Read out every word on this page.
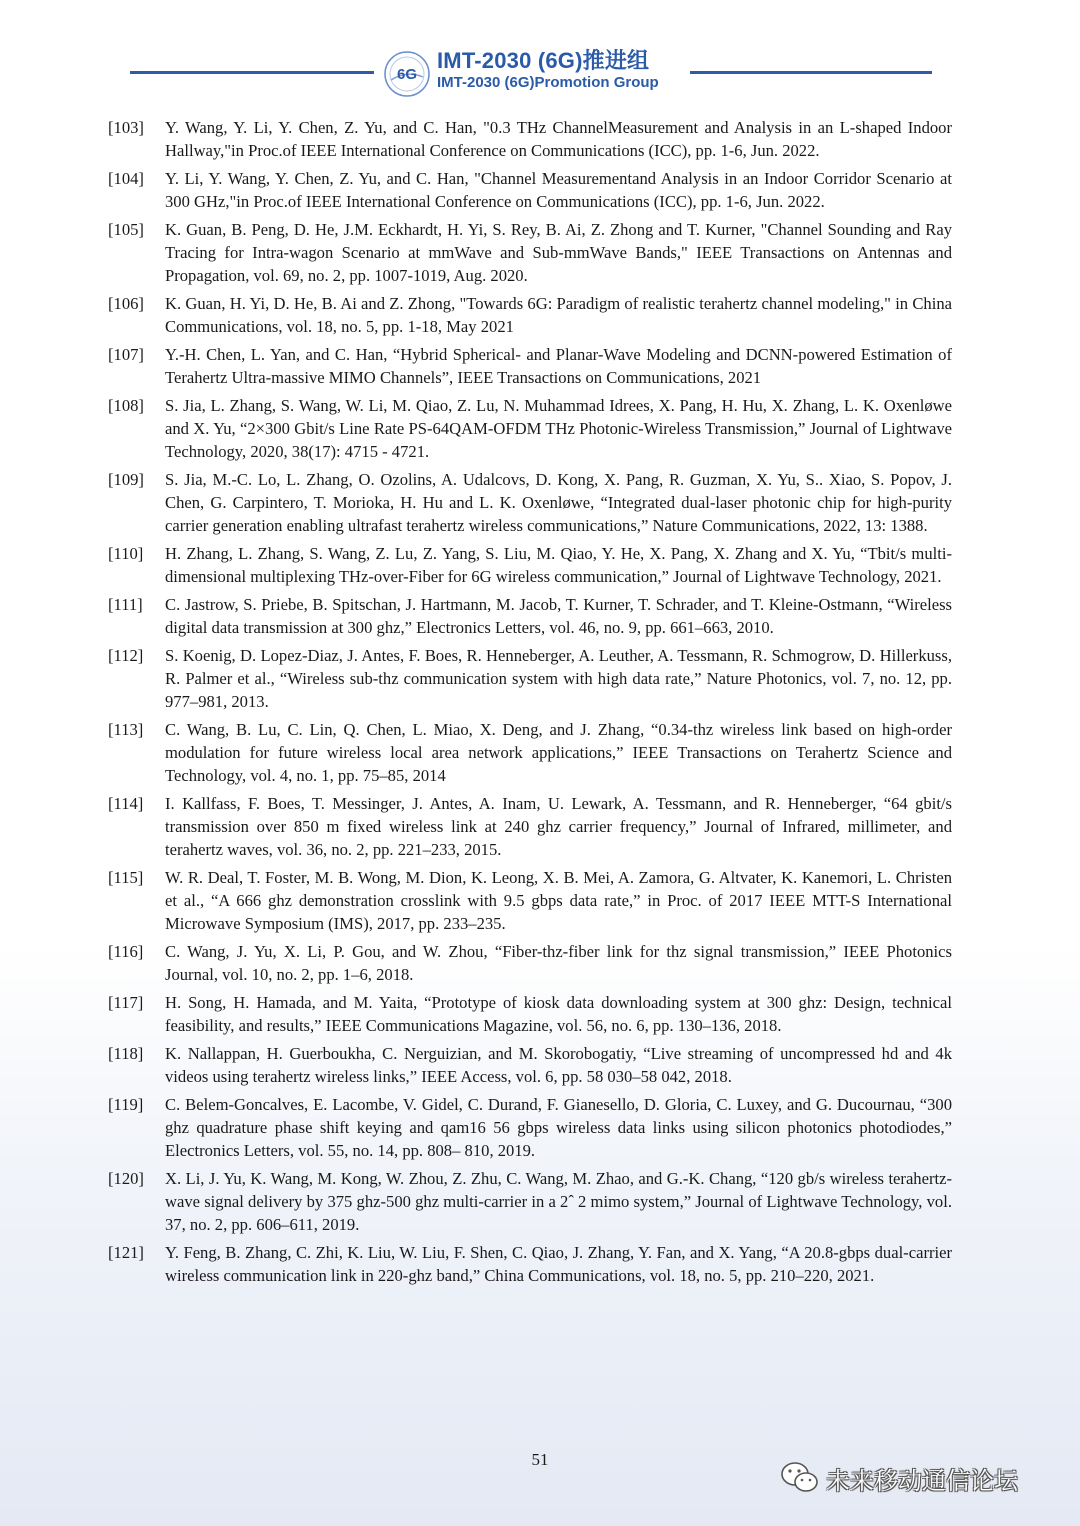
6G
IMT-2030 (6G)推进组
IMT-2030 (6G)Promotion Group
[103]	Y. Wang, Y. Li, Y. Chen, Z. Yu, and C. Han, "0.3 THz ChannelMeasurement and Analysis in an L-shaped Indoor Hallway,"in Proc.of IEEE International Conference on Communications (ICC), pp. 1-6, Jun. 2022.
[104]	Y. Li, Y. Wang, Y. Chen, Z. Yu, and C. Han, "Channel Measurementand Analysis in an Indoor Corridor Scenario at 300 GHz,"in Proc.of IEEE International Conference on Communications (ICC), pp. 1-6, Jun. 2022.
[105]	K. Guan, B. Peng, D. He, J.M. Eckhardt, H. Yi, S. Rey, B. Ai, Z. Zhong and T. Kurner, "Channel Sounding and Ray Tracing for Intra-wagon Scenario at mmWave and Sub-mmWave Bands," IEEE Transactions on Antennas and Propagation, vol. 69, no. 2, pp. 1007-1019, Aug. 2020.
[106]	K. Guan, H. Yi, D. He, B. Ai and Z. Zhong, "Towards 6G: Paradigm of realistic terahertz channel modeling," in China Communications, vol. 18, no. 5, pp. 1-18, May 2021
[107]	Y.-H. Chen, L. Yan, and C. Han, “Hybrid Spherical- and Planar-Wave Modeling and DCNN-powered Estimation of Terahertz Ultra-massive MIMO Channels”, IEEE Transactions on Communications, 2021
[108]	S. Jia, L. Zhang, S. Wang, W. Li, M. Qiao, Z. Lu, N. Muhammad Idrees, X. Pang, H. Hu, X. Zhang, L. K. Oxenløwe and X. Yu, “2×300 Gbit/s Line Rate PS-64QAM-OFDM THz Photonic-Wireless Transmission,” Journal of Lightwave Technology, 2020, 38(17): 4715 - 4721.
[109]	S. Jia, M.-C. Lo, L. Zhang, O. Ozolins, A. Udalcovs, D. Kong, X. Pang, R. Guzman, X. Yu, S.. Xiao, S. Popov, J. Chen, G. Carpintero, T. Morioka, H. Hu and L. K. Oxenløwe, “Integrated dual-laser photonic chip for high-purity carrier generation enabling ultrafast terahertz wireless communications,” Nature Communications, 2022, 13: 1388.
[110]	H. Zhang, L. Zhang, S. Wang, Z. Lu, Z. Yang, S. Liu, M. Qiao, Y. He, X. Pang, X. Zhang and X. Yu, “Tbit/s multi-dimensional multiplexing THz-over-Fiber for 6G wireless communication,” Journal of Lightwave Technology, 2021.
[111]	C. Jastrow, S. Priebe, B. Spitschan, J. Hartmann, M. Jacob, T. Kurner, T. Schrader, and T. Kleine-Ostmann, “Wireless digital data transmission at 300 ghz,” Electronics Letters, vol. 46, no. 9, pp. 661–663, 2010.
[112]	S. Koenig, D. Lopez-Diaz, J. Antes, F. Boes, R. Henneberger, A. Leuther, A. Tessmann, R. Schmogrow, D. Hillerkuss, R. Palmer et al., “Wireless sub-thz communication system with high data rate,” Nature Photonics, vol. 7, no. 12, pp. 977–981, 2013.
[113]	C. Wang, B. Lu, C. Lin, Q. Chen, L. Miao, X. Deng, and J. Zhang, “0.34-thz wireless link based on high-order modulation for future wireless local area network applications,” IEEE Transactions on Terahertz Science and Technology, vol. 4, no. 1, pp. 75–85, 2014
[114]	I. Kallfass, F. Boes, T. Messinger, J. Antes, A. Inam, U. Lewark, A. Tessmann, and R. Henneberger, “64 gbit/s transmission over 850 m fixed wireless link at 240 ghz carrier frequency,” Journal of Infrared, millimeter, and terahertz waves, vol. 36, no. 2, pp. 221–233, 2015.
[115]	W. R. Deal, T. Foster, M. B. Wong, M. Dion, K. Leong, X. B. Mei, A. Zamora, G. Altvater, K. Kanemori, L. Christen et al., “A 666 ghz demonstration crosslink with 9.5 gbps data rate,” in Proc. of 2017 IEEE MTT-S International Microwave Symposium (IMS), 2017, pp. 233–235.
[116]	C. Wang, J. Yu, X. Li, P. Gou, and W. Zhou, “Fiber-thz-fiber link for thz signal transmission,” IEEE Photonics Journal, vol. 10, no. 2, pp. 1–6, 2018.
[117]	H. Song, H. Hamada, and M. Yaita, “Prototype of kiosk data downloading system at 300 ghz: Design, technical feasibility, and results,” IEEE Communications Magazine, vol. 56, no. 6, pp. 130–136, 2018.
[118]	K. Nallappan, H. Guerboukha, C. Nerguizian, and M. Skorobogatiy, “Live streaming of uncompressed hd and 4k videos using terahertz wireless links,” IEEE Access, vol. 6, pp. 58 030–58 042, 2018.
[119]	C. Belem-Goncalves, E. Lacombe, V. Gidel, C. Durand, F. Gianesello, D. Gloria, C. Luxey, and G. Ducournau, “300 ghz quadrature phase shift keying and qam16 56 gbps wireless data links using silicon photonics photodiodes,” Electronics Letters, vol. 55, no. 14, pp. 808– 810, 2019.
[120]	X. Li, J. Yu, K. Wang, M. Kong, W. Zhou, Z. Zhu, C. Wang, M. Zhao, and G.-K. Chang, “120 gb/s wireless terahertz-wave signal delivery by 375 ghz-500 ghz multi-carrier in a 2ˆ 2 mimo system,” Journal of Lightwave Technology, vol. 37, no. 2, pp. 606–611, 2019.
[121]	Y. Feng, B. Zhang, C. Zhi, K. Liu, W. Liu, F. Shen, C. Qiao, J. Zhang, Y. Fan, and X. Yang, “A 20.8-gbps dual-carrier wireless communication link in 220-ghz band,” China Communications, vol. 18, no. 5, pp. 210–220, 2021.
51
未来移动通信论坛
